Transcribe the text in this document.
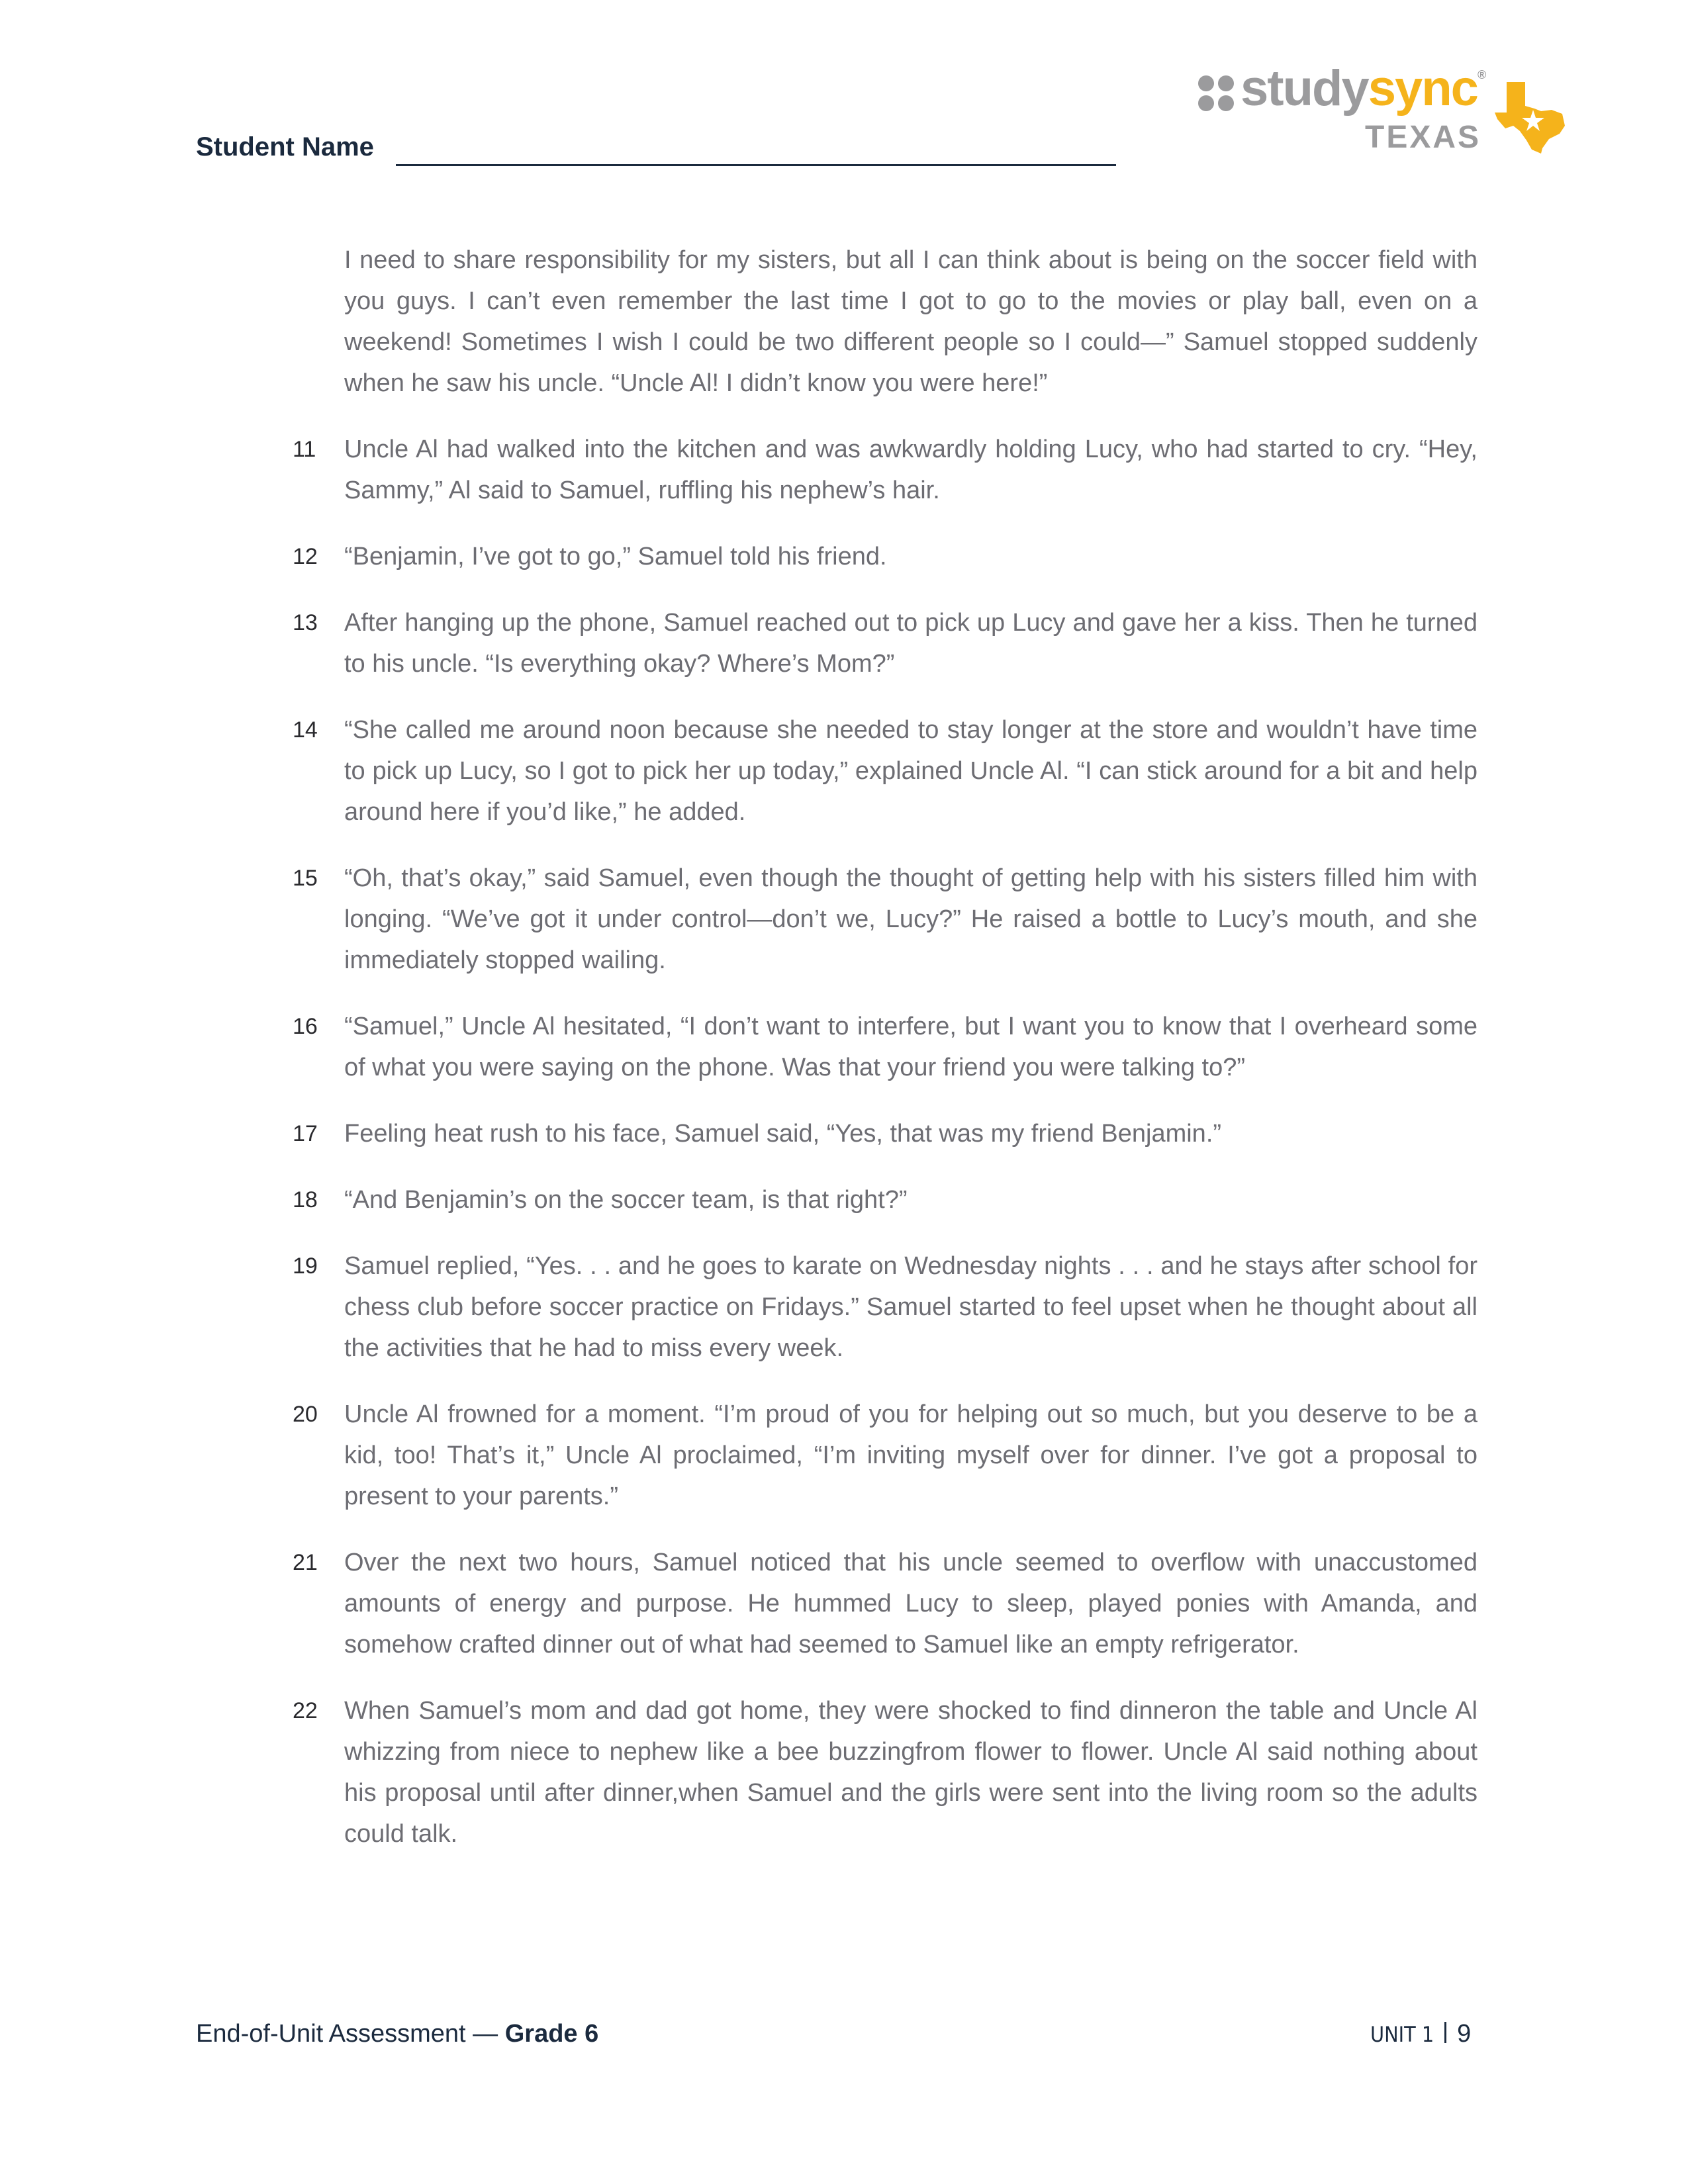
Student Name
studysync®
TEXAS

I need to share responsibility for my sisters, but all I can think about is being on the soccer field with you guys. I can’t even remember the last time I got to go to the movies or play ball, even on a weekend! Sometimes I wish I could be two different people so I could—” Samuel stopped suddenly when he saw his uncle. “Uncle Al! I didn’t know you were here!”

11 Uncle Al had walked into the kitchen and was awkwardly holding Lucy, who had started to cry. “Hey, Sammy,” Al said to Samuel, ruffling his nephew’s hair.

12 “Benjamin, I’ve got to go,” Samuel told his friend.

13 After hanging up the phone, Samuel reached out to pick up Lucy and gave her a kiss. Then he turned to his uncle. “Is everything okay? Where’s Mom?”

14 “She called me around noon because she needed to stay longer at the store and wouldn’t have time to pick up Lucy, so I got to pick her up today,” explained Uncle Al. “I can stick around for a bit and help around here if you’d like,” he added.

15 “Oh, that’s okay,” said Samuel, even though the thought of getting help with his sisters filled him with longing. “We’ve got it under control—don’t we, Lucy?” He raised a bottle to Lucy’s mouth, and she immediately stopped wailing.

16 “Samuel,” Uncle Al hesitated, “I don’t want to interfere, but I want you to know that I overheard some of what you were saying on the phone. Was that your friend you were talking to?”

17 Feeling heat rush to his face, Samuel said, “Yes, that was my friend Benjamin.”

18 “And Benjamin’s on the soccer team, is that right?”

19 Samuel replied, “Yes. . . and he goes to karate on Wednesday nights . . . and he stays after school for chess club before soccer practice on Fridays.” Samuel started to feel upset when he thought about all the activities that he had to miss every week.

20 Uncle Al frowned for a moment. “I’m proud of you for helping out so much, but you deserve to be a kid, too! That’s it,” Uncle Al proclaimed, “I’m inviting myself over for dinner. I’ve got a proposal to present to your parents.”

21 Over the next two hours, Samuel noticed that his uncle seemed to overflow with unaccustomed amounts of energy and purpose. He hummed Lucy to sleep, played ponies with Amanda, and somehow crafted dinner out of what had seemed to Samuel like an empty refrigerator.

22 When Samuel’s mom and dad got home, they were shocked to find dinneron the table and Uncle Al whizzing from niece to nephew like a bee buzzingfrom flower to flower. Uncle Al said nothing about his proposal until after dinner,when Samuel and the girls were sent into the living room so the adults could talk.

End-of-Unit Assessment — Grade 6	UNIT 1 9
